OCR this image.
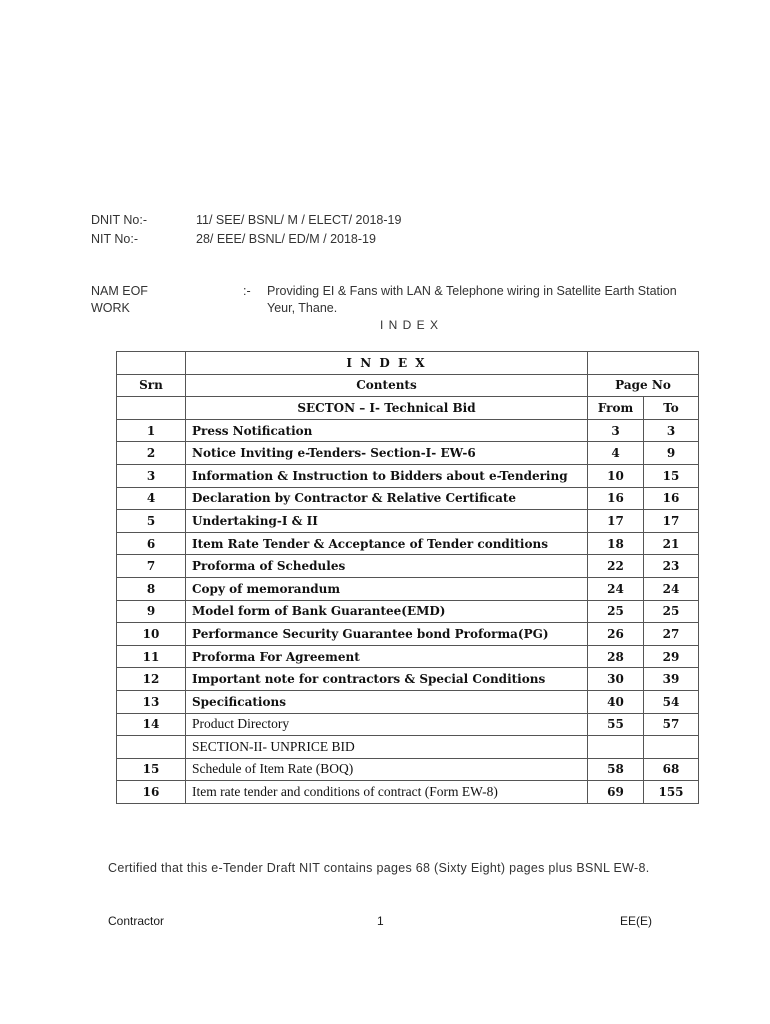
DNIT No:-	11/ SEE/ BSNL/ M / ELECT/ 2018-19
NIT No:-	28/ EEE/ BSNL/ ED/M / 2018-19
NAM EOF	:- Providing EI & Fans with LAN & Telephone wiring in Satellite Earth Station
WORK	Yeur, Thane.
I N D E X
	I N D E X		
Srn	Contents	Page No	
	SECTON – I- Technical Bid	From	To
1	Press Notification	3	3
2	Notice Inviting e-Tenders- Section-I- EW-6	4	9
3	Information & Instruction to Bidders about e-Tendering	10	15
4	Declaration by Contractor & Relative Certificate	16	16
5	Undertaking-I & II	17	17
6	Item Rate Tender & Acceptance of Tender conditions	18	21
7	Proforma of Schedules	22	23
8	Copy of memorandum	24	24
9	Model form of Bank Guarantee(EMD)	25	25
10	Performance Security Guarantee bond Proforma(PG)	26	27
11	Proforma For Agreement	28	29
12	Important note for contractors & Special Conditions	30	39
13	Specifications	40	54
14	Product Directory	55	57
	SECTION-II- UNPRICE BID		
15	Schedule of Item Rate (BOQ)	58	68
16	Item rate tender and conditions of contract (Form EW-8)	69	155
Certified that this e-Tender Draft NIT contains pages 68 (Sixty Eight) pages plus BSNL EW-8.
Contractor	1	EE(E)
